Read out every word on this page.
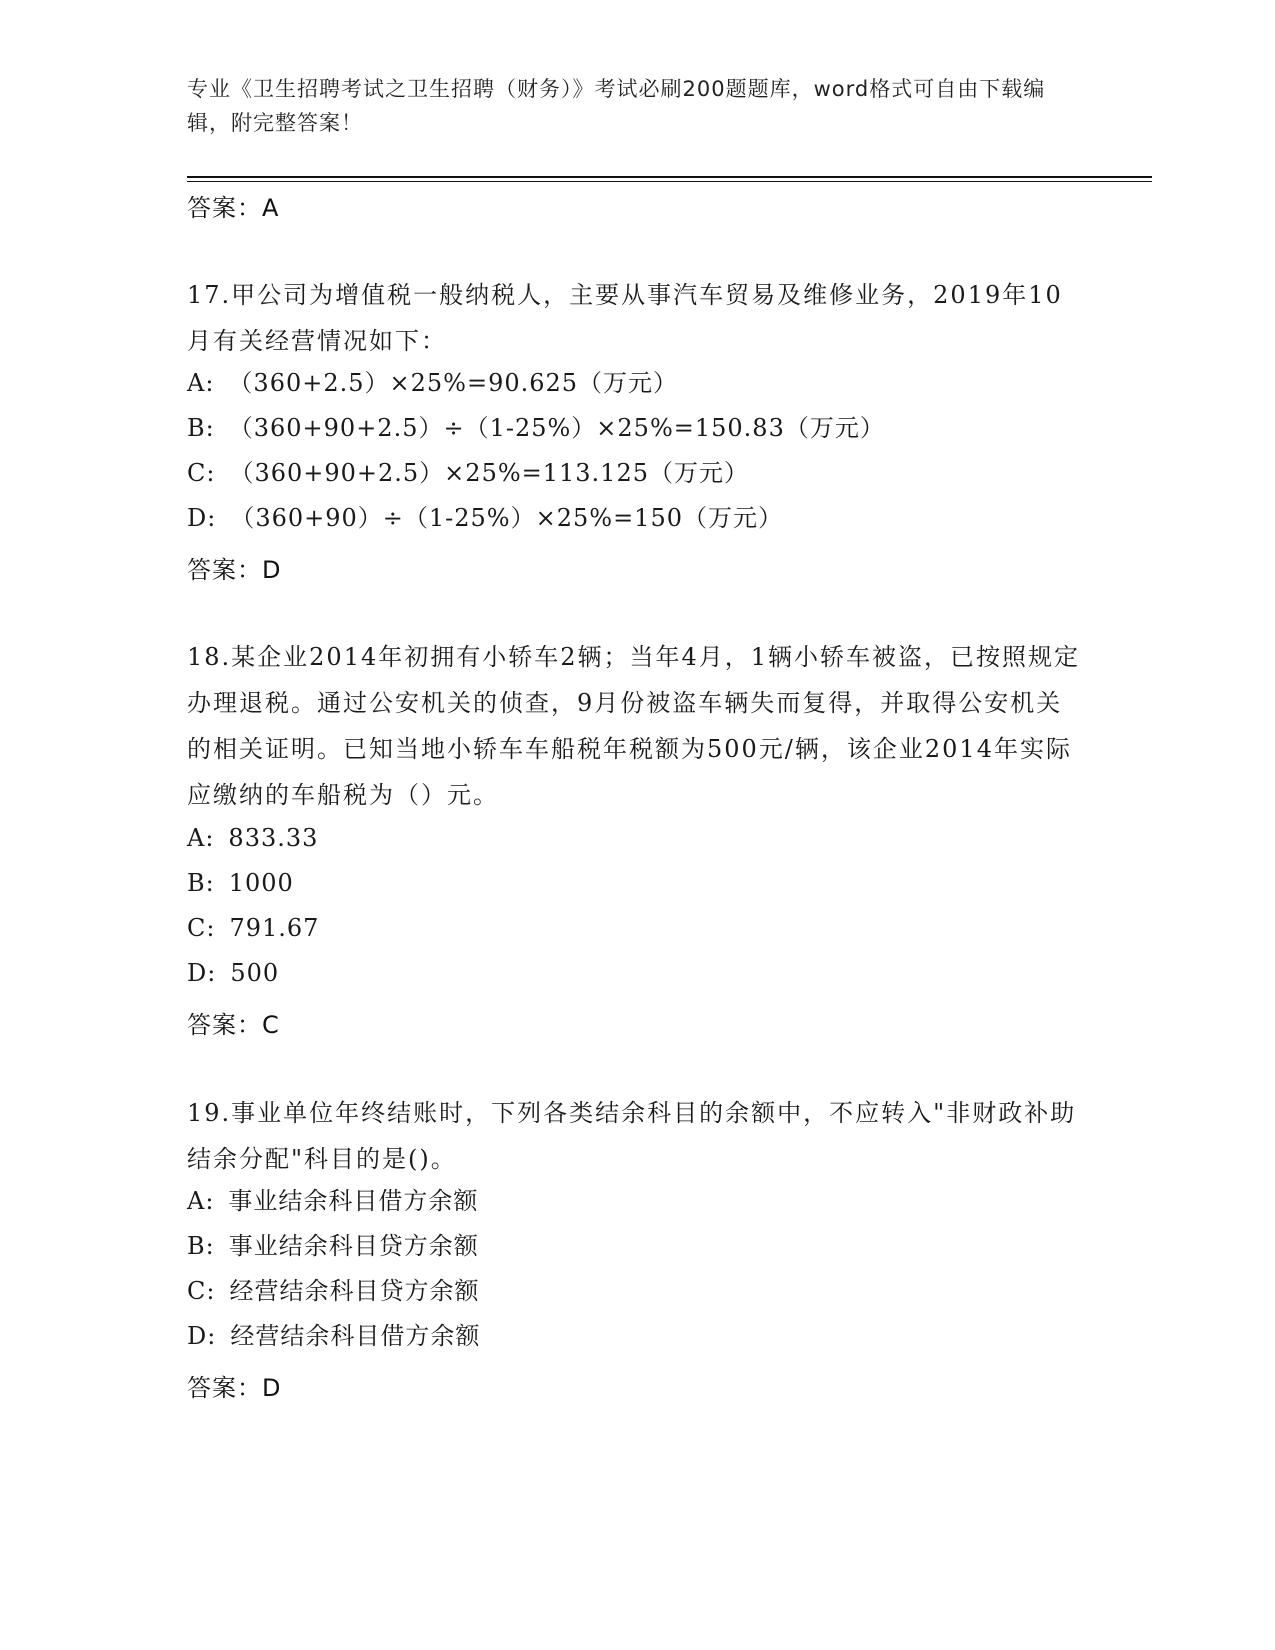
专业《卫生招聘考试之卫生招聘（财务）》考试必刷200题题库，word格式可自由下载编辑，附完整答案！
答案：A
17.甲公司为增值税一般纳税人，主要从事汽车贸易及维修业务，2019年10月有关经营情况如下：
A: （360+2.5）×25%=90.625（万元）
B: （360+90+2.5）÷（1-25%）×25%=150.83（万元）
C: （360+90+2.5）×25%=113.125（万元）
D: （360+90）÷（1-25%）×25%=150（万元）
答案：D
18.某企业2014年初拥有小轿车2辆；当年4月，1辆小轿车被盗，已按照规定办理退税。通过公安机关的侦查，9月份被盗车辆失而复得，并取得公安机关的相关证明。已知当地小轿车车船税年税额为500元/辆，该企业2014年实际应缴纳的车船税为（）元。
A: 833.33
B: 1000
C: 791.67
D: 500
答案：C
19.事业单位年终结账时，下列各类结余科目的余额中，不应转入"非财政补助结余分配"科目的是()。
A: 事业结余科目借方余额
B: 事业结余科目贷方余额
C: 经营结余科目贷方余额
D: 经营结余科目借方余额
答案：D
